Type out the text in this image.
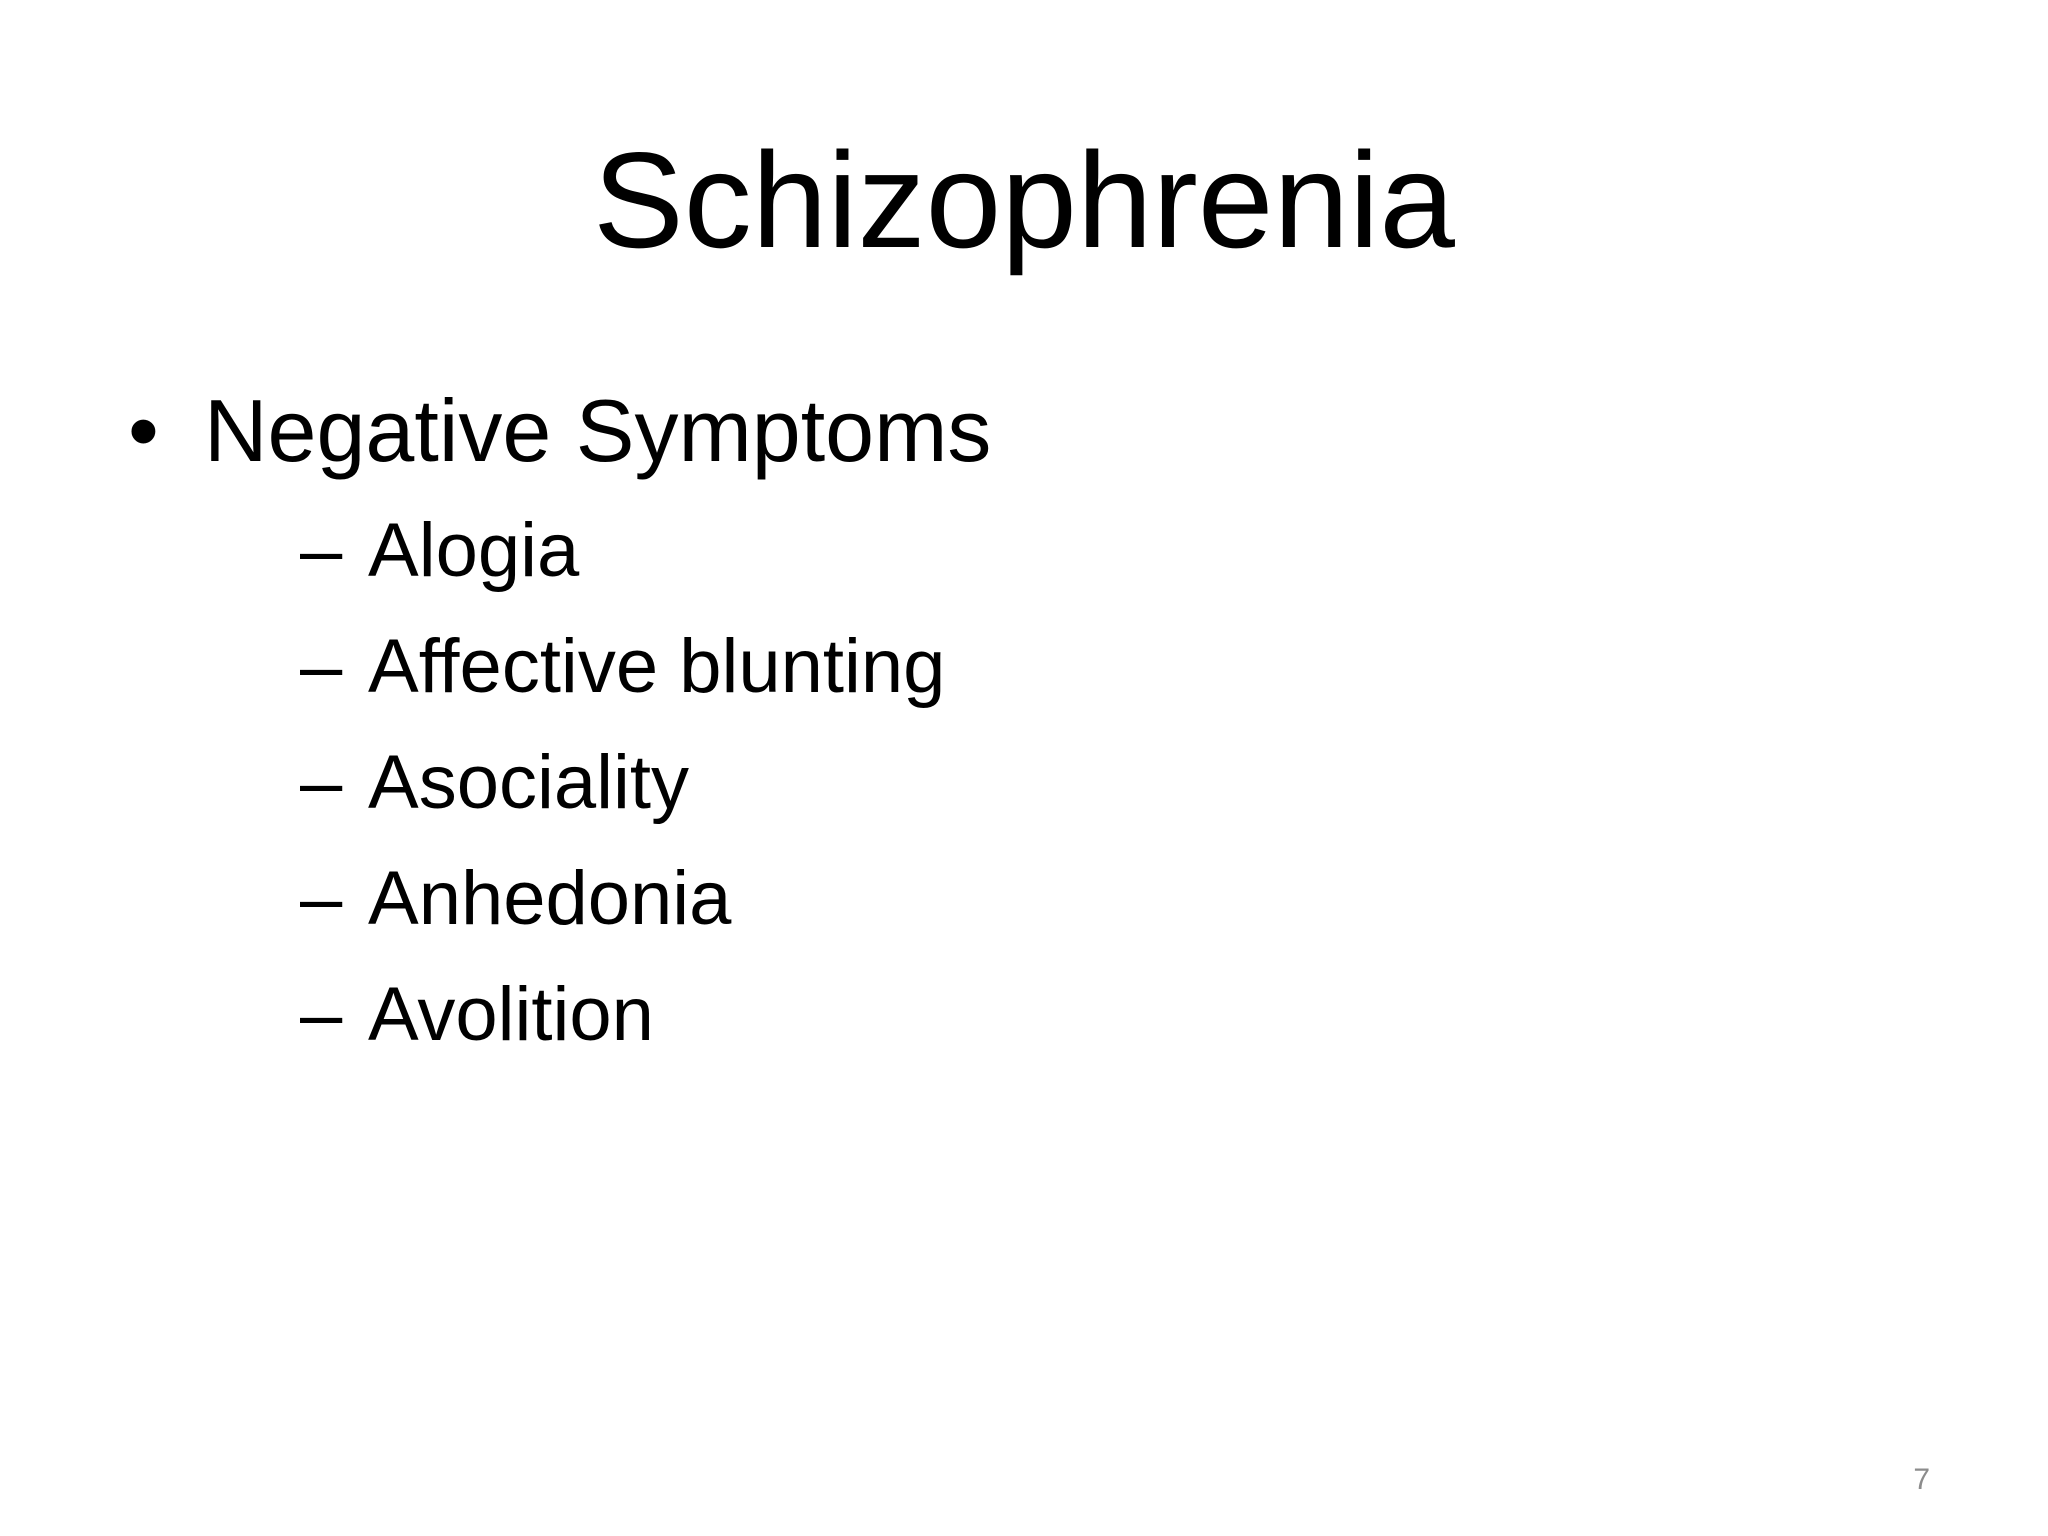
Schizophrenia
• Negative Symptoms
– Alogia
– Affective blunting
– Asociality
– Anhedonia
– Avolition
7
